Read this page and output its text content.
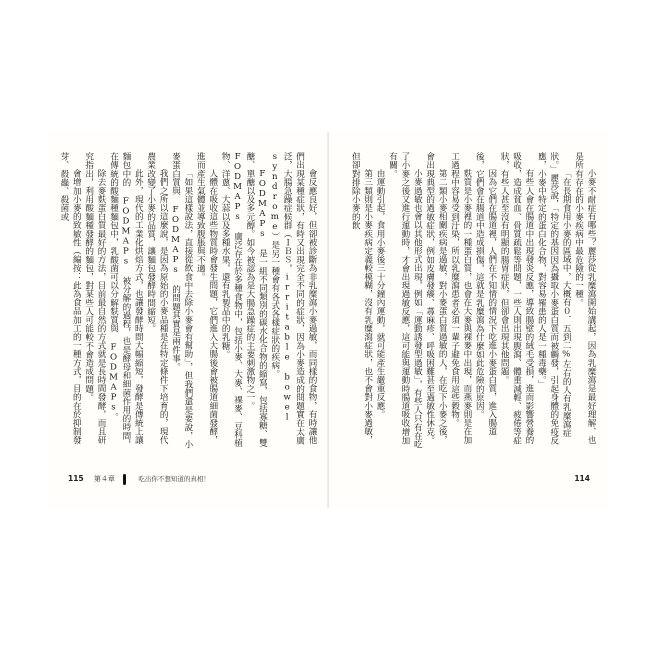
會反應良好，但卻被診斷為非乳糜瀉小麥過敏，而同樣的食物，有時讓他們出現某種症狀，有時又出現完全不同的症狀，因為小麥造成的問題實在太廣泛，大腸急躁症候群（ＩＢＳ，irritable bowel syndrome）是另一種會有各式各樣症狀的疾病。

FODMAPs 是一組不同類別的碳水化合物的縮寫，包括寡糖、雙醣、單醣以及多元醇。如今被認為是大腸急躁症的主要刺激物之一。FODMAPs 廣泛存在於多種食物中，包括小麥、大麥、裸麥、豆科植物、洋蔥、大蒜以及多種水果，還有乳製品中的乳糖。

人體在吸收這些物質時會發生問題，它們進入大腸後會被腸道細菌發酵，進而產生氣體並導致腹脹與不適。

「如果這樣說法，直接從飲食中去除小麥會有幫助」，但我們還是要說，小麥蛋白質與 FODMAPs 的問題其實是兩件事。

我們之所以這麼說，是因為原始的小麥品種是在特定條件下培育的，現代農業改變了小麥的品質，讓麵包發酵時間縮短。

此外，現代的工業化烘焙方式，也讓發酵時間大幅縮短，發酵是傳統上讓麵包中的 FODMAPs 被分解的過程，也是酵母和細菌作用的時間，在傳統的酸麵種麵包中，乳酸菌可以分解麩質與 FODMAPs。

除去麥麩蛋白質最好的方法，目前最自然的方式就是長時間發酵，而且研究指出，利用酸麵種發酵的麵包，對某些人可能較不會造成問題。

會增加小麥的致敏性（編按：此為食品加工的一種方式，目的在於抑制發芽、殺蟲、殺菌或

115 第４章	吃出你不想知道的真相！

小麥不耐症有哪些？麗莎從乳糜瀉開始講起，因為乳糜瀉是最好理解、也是所有存在的小麥疾病中最危險的一種。

「在長期食用小麥的區域中，大概有０．五到二%左右的人有乳糜瀉症狀。」麗莎說，「特定的基因因為攝取小麥蛋白質而被觸發，引起身體的免疫反應，小麥中特定的蛋白化合物，對容易罹患的人是一種毒藥。」

有些人會在腸道中出現發炎反應，導致腸壁的絨毛受損，進而影響營養的吸收，造成貧血、骨質疏鬆等問題，一些人則出現腹瀉、體重減輕、疲倦等症狀，有些人甚至沒有明顯的腸胃症狀，但卻會出現其他問題。

因為它們在腸道裡，人們在不知情的情況下吃進小麥蛋白質，進入腸道後，它們會在腸道中造成損傷，這就是乳糜瀉為什麼如此危險的原因。

麩質是小麥裡的一種蛋白質，也會在大麥與裸麥中出現，而燕麥則是在加工過程中容易受到汙染，所以乳糜瀉患者必須一輩子避免食用這些穀物。

第二類小麥相關疾病是過敏，對小麥蛋白質過敏的人，在吃下小麥之後，會出現典型的過敏症狀，例如皮膚發癢、蕁麻疹、呼吸困難甚至過敏性休克。

小麥過敏也會以其他形式出現，例如「運動誘發型過敏」，有些人只有在吃了小麥之後又進行運動時，才會出現過敏反應，這可能與運動時腸道吸收增加有關。

由運動引起，食用小麥後三十分鐘內運動，就可能產生嚴重反應。

第三類則是小麥疾病定義較模糊，沒有乳糜瀉症狀，也不會對小麥過敏，但卻對排除小麥的飲

114
